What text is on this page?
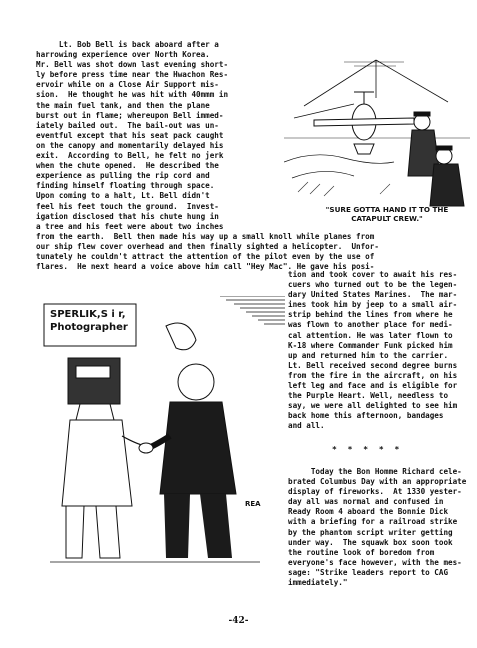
"SURE GOTTA HAND IT TO THE
CATAPULT CREW."
SPERLIK,S i r,
Photographer
GRAFLEX
REA
Lt. Bob Bell is back aboard after a
harrowing experience over North Korea.
Mr. Bell was shot down last evening short-
ly before press time near the Hwachon Res-
ervoir while on a Close Air Support mis-
sion.  He thought he was hit with 40mmm in
the main fuel tank, and then the plane
burst out in flame; whereupon Bell immed-
iately bailed out.  The bail-out was un-
eventful except that his seat pack caught
on the canopy and momentarily delayed his
exit.  According to Bell, he felt no jerk
when the chute opened.  He described the
experience as pulling the rip cord and
finding himself floating through space.
Upon coming to a halt, Lt. Bell didn't
feel his feet touch the ground.  Invest-
igation disclosed that his chute hung in
a tree and his feet were about two inches
from the earth.  Bell then made his way up a small knoll while planes from
our ship flew cover overhead and then finally sighted a helicopter.  Unfor-
tunately he couldn't attract the attention of the pilot even by the use of
flares.  He next heard a voice above him call "Hey Mac". He gave his posi-
tion and took cover to await his res-
cuers who turned out to be the legen-
dary United States Marines.  The mar-
ines took him by jeep to a small air-
strip behind the lines from where he
was flown to another place for medi-
cal attention. He was later flown to
K-18 where Commander Funk picked him
up and returned him to the carrier.
Lt. Bell received second degree burns
from the fire in the aircraft, on his
left leg and face and is eligible for
the Purple Heart. Well, needless to
say, we were all delighted to see him
back home this afternoon, bandages
and all.
* * * * *
Today the Bon Homme Richard cele-
brated Columbus Day with an appropriate
display of fireworks.  At 1330 yester-
day all was normal and confused in
Ready Room 4 aboard the Bonnie Dick
with a briefing for a railroad strike
by the phantom script writer getting
under way.  The squawk box soon took
the routine look of boredom from
everyone's face however, with the mes-
sage: "Strike leaders report to CAG
immediately."
-42-
